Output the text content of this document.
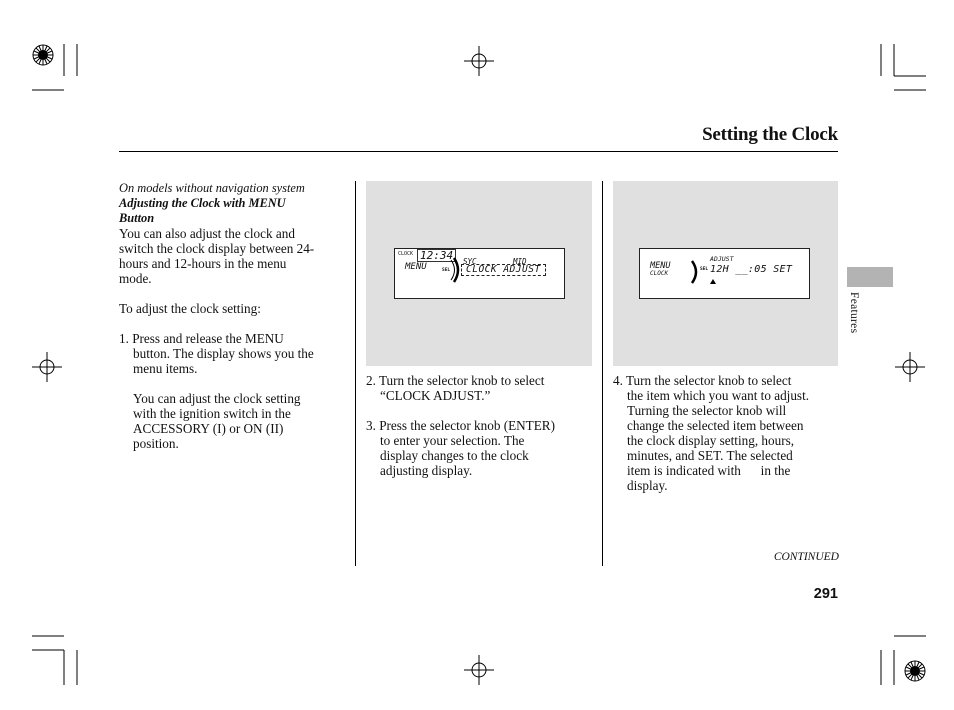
Setting the Clock

On models without navigation system

Adjusting the Clock with MENU

Button

You can also adjust the clock and

switch the clock display between 24-

hours and 12-hours in the menu

mode.

To adjust the clock setting:

1. Press and release the MENU

button. The display shows you the

menu items.

You can adjust the clock setting

with the ignition switch in the

ACCESSORY (I) or ON (II)

position.

CLOCK 12:34
MENU
SYC	MID
SEL	CLOCK ADJUST

2. Turn the selector knob to select

“CLOCK ADJUST.”

3. Press the selector knob (ENTER)

to enter your selection. The

display changes to the clock

adjusting display.

MENU
CLOCK
SEL
ADJUST
12H __:05 SET

4. Turn the selector knob to select

the item which you want to adjust.

Turning the selector knob will

change the selected item between

the clock display setting, hours,

minutes, and SET. The selected

item is indicated with      in the

display.

Features
CONTINUED
291
